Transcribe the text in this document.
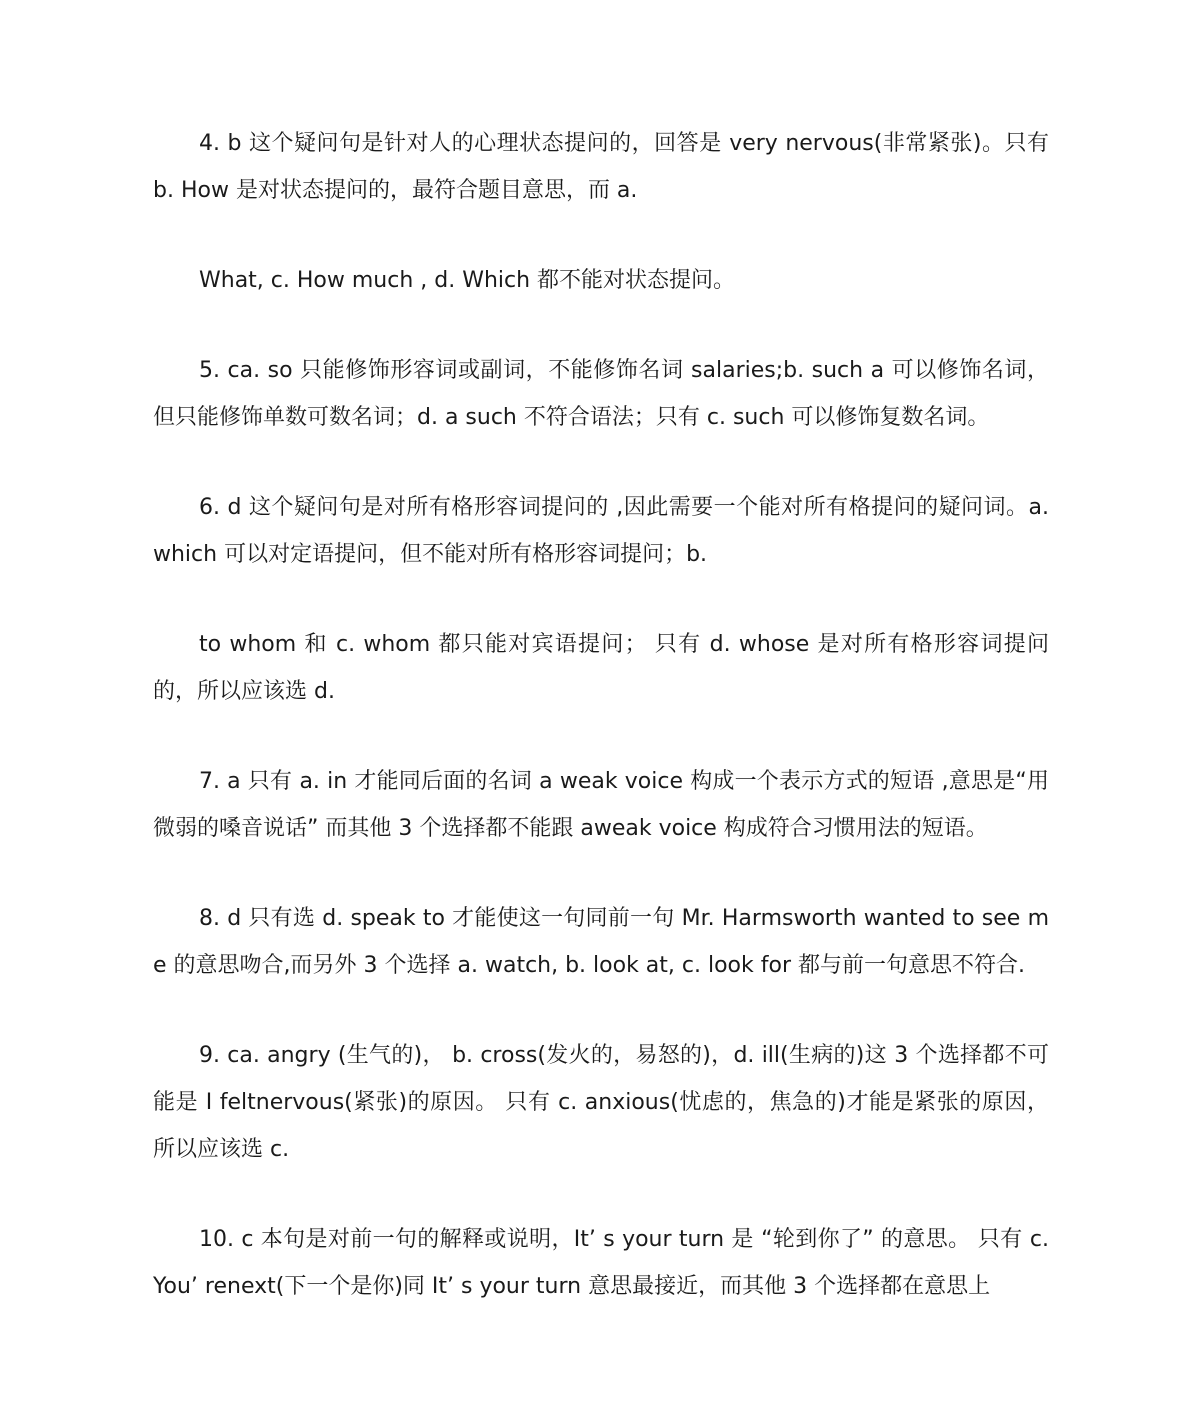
4. b 这个疑问句是针对人的心理状态提问的，回答是 very nervous(非常紧张)。只有 b. How 是对状态提问的，最符合题目意思，而 a.

What, c. How much , d. Which 都不能对状态提问。

5. ca. so 只能修饰形容词或副词，不能修饰名词 salaries;b. such a 可以修饰名词，但只能修饰单数可数名词；d. a such 不符合语法；只有 c. such 可以修饰复数名词。

6. d 这个疑问句是对所有格形容词提问的 ,因此需要一个能对所有格提问的疑问词。a. which 可以对定语提问，但不能对所有格形容词提问；b.

to whom 和 c. whom 都只能对宾语提问； 只有 d. whose 是对所有格形容词提问的，所以应该选 d.

7. a 只有 a. in 才能同后面的名词 a weak voice 构成一个表示方式的短语 ,意思是“用微弱的嗓音说话” 而其他 3 个选择都不能跟 aweak voice 构成符合习惯用法的短语。

8. d 只有选 d. speak to 才能使这一句同前一句 Mr. Harmsworth wanted to see me 的意思吻合,而另外 3 个选择 a. watch, b. look at, c. look for 都与前一句意思不符合.

9. ca. angry (生气的)， b. cross(发火的，易怒的)，d. ill(生病的)这 3 个选择都不可能是 I feltnervous(紧张)的原因。 只有 c. anxious(忧虑的，焦急的)才能是紧张的原因，所以应该选 c.

10. c 本句是对前一句的解释或说明，It’ s your turn 是 “轮到你了” 的意思。 只有 c. You’ renext(下一个是你)同 It’ s your turn 意思最接近，而其他 3 个选择都在意思上
